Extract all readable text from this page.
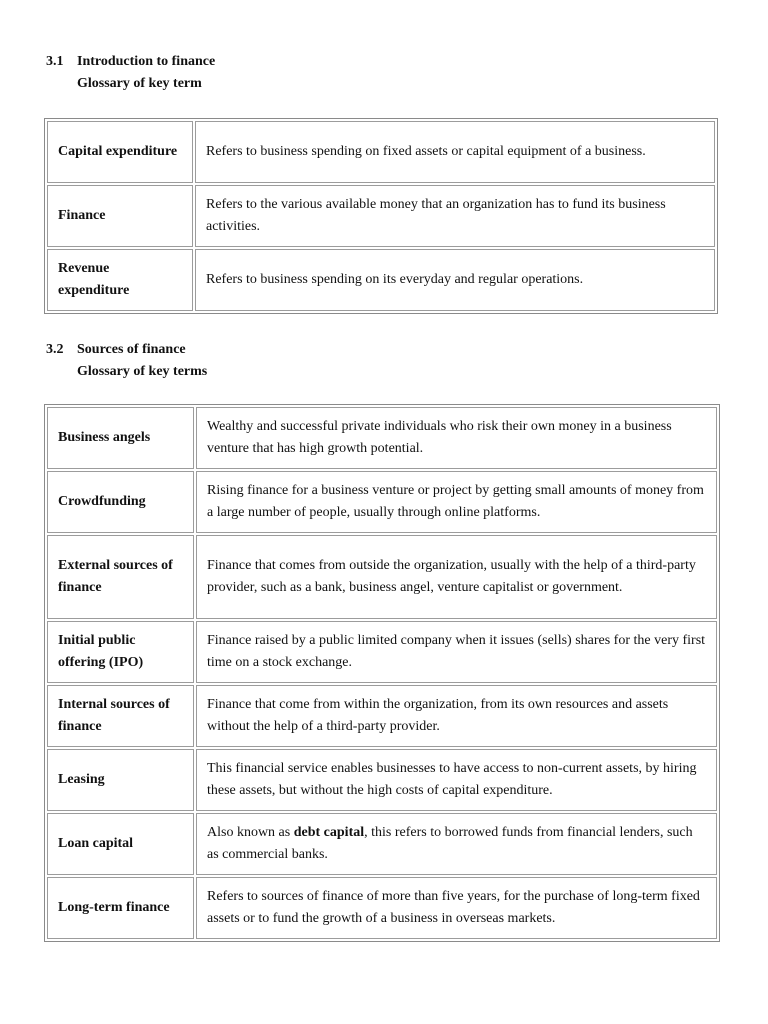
3.1 Introduction to finance
Glossary of key term
Capital expenditure	Refers to business spending on fixed assets or capital equipment of a business.
Finance	Refers to the various available money that an organization has to fund its business activities.
Revenue expenditure	Refers to business spending on its everyday and regular operations.
3.2 Sources of finance
Glossary of key terms
Business angels	Wealthy and successful private individuals who risk their own money in a business venture that has high growth potential.
Crowdfunding	Rising finance for a business venture or project by getting small amounts of money from a large number of people, usually through online platforms.
External sources of finance	Finance that comes from outside the organization, usually with the help of a third-party provider, such as a bank, business angel, venture capitalist or government.
Initial public offering (IPO)	Finance raised by a public limited company when it issues (sells) shares for the very first time on a stock exchange.
Internal sources of finance	Finance that come from within the organization, from its own resources and assets without the help of a third-party provider.
Leasing	This financial service enables businesses to have access to non-current assets, by hiring these assets, but without the high costs of capital expenditure.
Loan capital	Also known as debt capital, this refers to borrowed funds from financial lenders, such as commercial banks.
Long-term finance	Refers to sources of finance of more than five years, for the purchase of long-term fixed assets or to fund the growth of a business in overseas markets.
